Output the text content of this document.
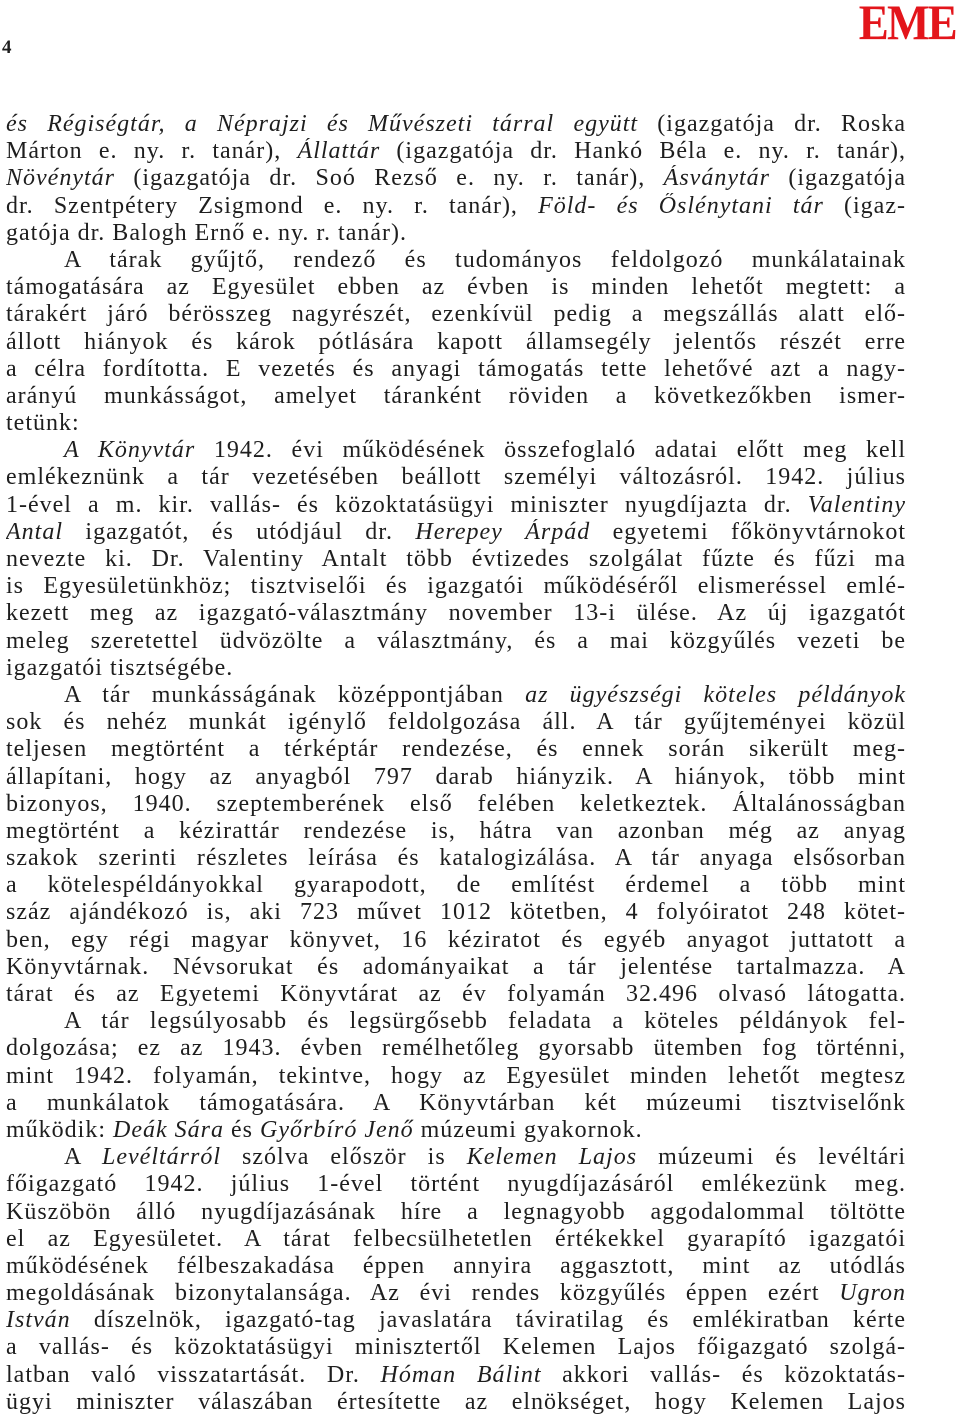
4	EME
és Régiségtár, a Néprajzi és Művészeti tárral együtt (igazgatója dr. Roska
Márton e. ny. r. tanár), Állattár (igazgatója dr. Hankó Béla e. ny. r. tanár),
Növénytár (igazgatója dr. Soó Rezső e. ny. r. tanár), Ásványtár (igazgatója
dr. Szentpétery Zsigmond e. ny. r. tanár), Föld- és Őslénytani tár (igaz-
gatója dr. Balogh Ernő e. ny. r. tanár).
A tárak gyűjtő, rendező és tudományos feldolgozó munkálatainak
támogatására az Egyesület ebben az évben is minden lehetőt megtett: a
tárakért járó bérösszeg nagyrészét, ezenkívül pedig a megszállás alatt elő-
állott hiányok és károk pótlására kapott államsegély jelentős részét erre
a célra fordította. E vezetés és anyagi támogatás tette lehetővé azt a nagy-
arányú munkásságot, amelyet táranként röviden a következőkben ismer-
tetünk:
A Könyvtár 1942. évi működésének összefoglaló adatai előtt meg kell
emlékeznünk a tár vezetésében beállott személyi változásról. 1942. július
1-ével a m. kir. vallás- és közoktatásügyi miniszter nyugdíjazta dr. Valentiny
Antal igazgatót, és utódjául dr. Herepey Árpád egyetemi főkönyvtárnokot
nevezte ki. Dr. Valentiny Antalt több évtizedes szolgálat fűzte és fűzi ma
is Egyesületünkhöz; tisztviselői és igazgatói működéséről elismeréssel emlé-
kezett meg az igazgató-választmány november 13-i ülése. Az új igazgatót
meleg szeretettel üdvözölte a választmány, és a mai közgyűlés vezeti be
igazgatói tisztségébe.
A tár munkásságának középpontjában az ügyészségi köteles példányok
sok és nehéz munkát igénylő feldolgozása áll. A tár gyűjteményei közül
teljesen megtörtént a térképtár rendezése, és ennek során sikerült meg-
állapítani, hogy az anyagból 797 darab hiányzik. A hiányok, több mint
bizonyos, 1940. szeptemberének első felében keletkeztek. Általánosságban
megtörtént a kézirattár rendezése is, hátra van azonban még az anyag
szakok szerinti részletes leírása és katalogizálása. A tár anyaga elsősorban
a kötelespéldányokkal gyarapodott, de említést érdemel a több mint
száz ajándékozó is, aki 723 művet 1012 kötetben, 4 folyóiratot 248 kötet-
ben, egy régi magyar könyvet, 16 kéziratot és egyéb anyagot juttatott a
Könyvtárnak. Névsorukat és adományaikat a tár jelentése tartalmazza. A
tárat és az Egyetemi Könyvtárat az év folyamán 32.496 olvasó látogatta.
A tár legsúlyosabb és legsürgősebb feladata a köteles példányok fel-
dolgozása; ez az 1943. évben remélhetőleg gyorsabb ütemben fog történni,
mint 1942. folyamán, tekintve, hogy az Egyesület minden lehetőt megtesz
a munkálatok támogatására. A Könyvtárban két múzeumi tisztviselőnk
működik: Deák Sára és Győrbíró Jenő múzeumi gyakornok.
A Levéltárról szólva először is Kelemen Lajos múzeumi és levéltári
főigazgató 1942. július 1-ével történt nyugdíjazásáról emlékezünk meg.
Küszöbön álló nyugdíjazásának híre a legnagyobb aggodalommal töltötte
el az Egyesületet. A tárat felbecsülhetetlen értékekkel gyarapító igazgatói
működésének félbeszakadása éppen annyira aggasztott, mint az utódlás
megoldásának bizonytalansága. Az évi rendes közgyűlés éppen ezért Ugron
István díszelnök, igazgató-tag javaslatára táviratilag és emlékiratban kérte
a vallás- és közoktatásügyi minisztertől Kelemen Lajos főigazgató szolgá-
latban való visszatartását. Dr. Hóman Bálint akkori vallás- és közoktatás-
ügyi miniszter válaszában értesítette az elnökséget, hogy Kelemen Lajos
